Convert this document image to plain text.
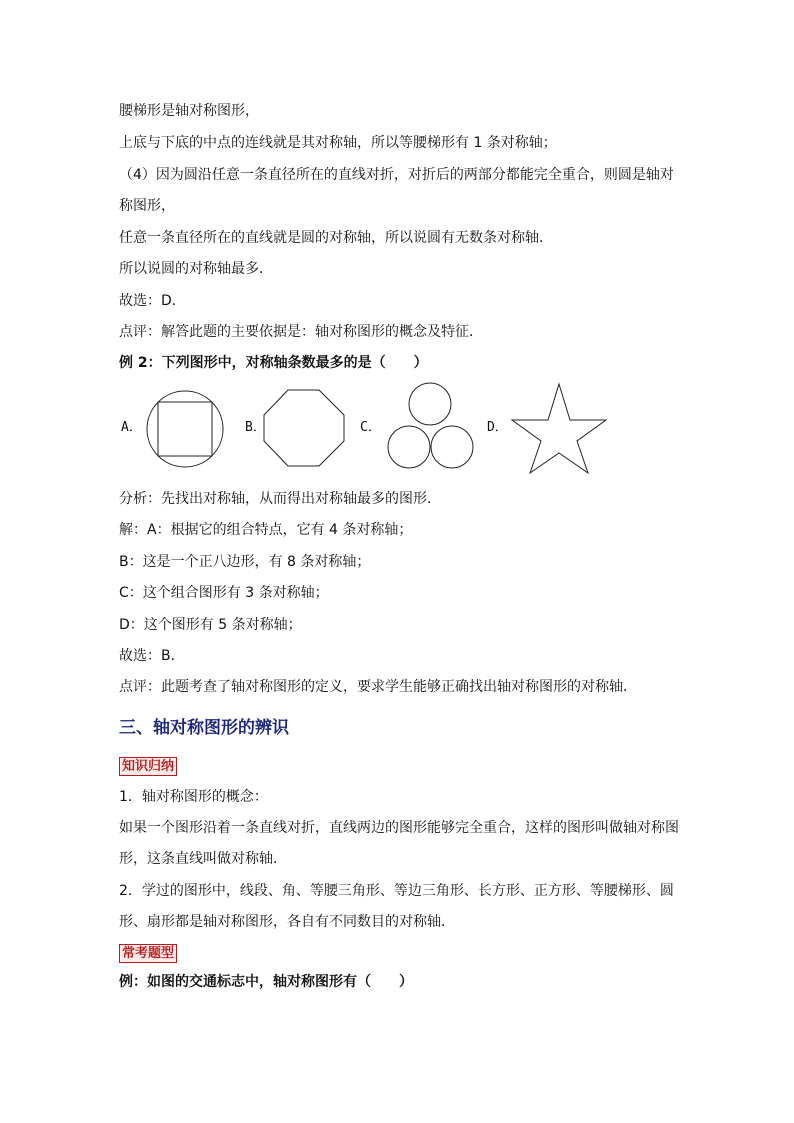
腰梯形是轴对称图形，
上底与下底的中点的连线就是其对称轴，所以等腰梯形有 1 条对称轴；
（4）因为圆沿任意一条直径所在的直线对折，对折后的两部分都能完全重合，则圆是轴对
称图形，
任意一条直径所在的直线就是圆的对称轴，所以说圆有无数条对称轴．
所以说圆的对称轴最多．
故选：D．
点评：解答此题的主要依据是：轴对称图形的概念及特征．
例 2：下列图形中，对称轴条数最多的是（　　）
A．	B．	C．	D．
分析：先找出对称轴，从而得出对称轴最多的图形．
解：A：根据它的组合特点，它有 4 条对称轴；
B：这是一个正八边形，有 8 条对称轴；
C：这个组合图形有 3 条对称轴；
D：这个图形有 5 条对称轴；
故选：B．
点评：此题考查了轴对称图形的定义，要求学生能够正确找出轴对称图形的对称轴．
三、轴对称图形的辨识
知识归纳
1．轴对称图形的概念：
如果一个图形沿着一条直线对折，直线两边的图形能够完全重合，这样的图形叫做轴对称图
形，这条直线叫做对称轴．
2．学过的图形中，线段、角、等腰三角形、等边三角形、长方形、正方形、等腰梯形、圆
形、扇形都是轴对称图形，各自有不同数目的对称轴．
常考题型
例：如图的交通标志中，轴对称图形有（　　）
